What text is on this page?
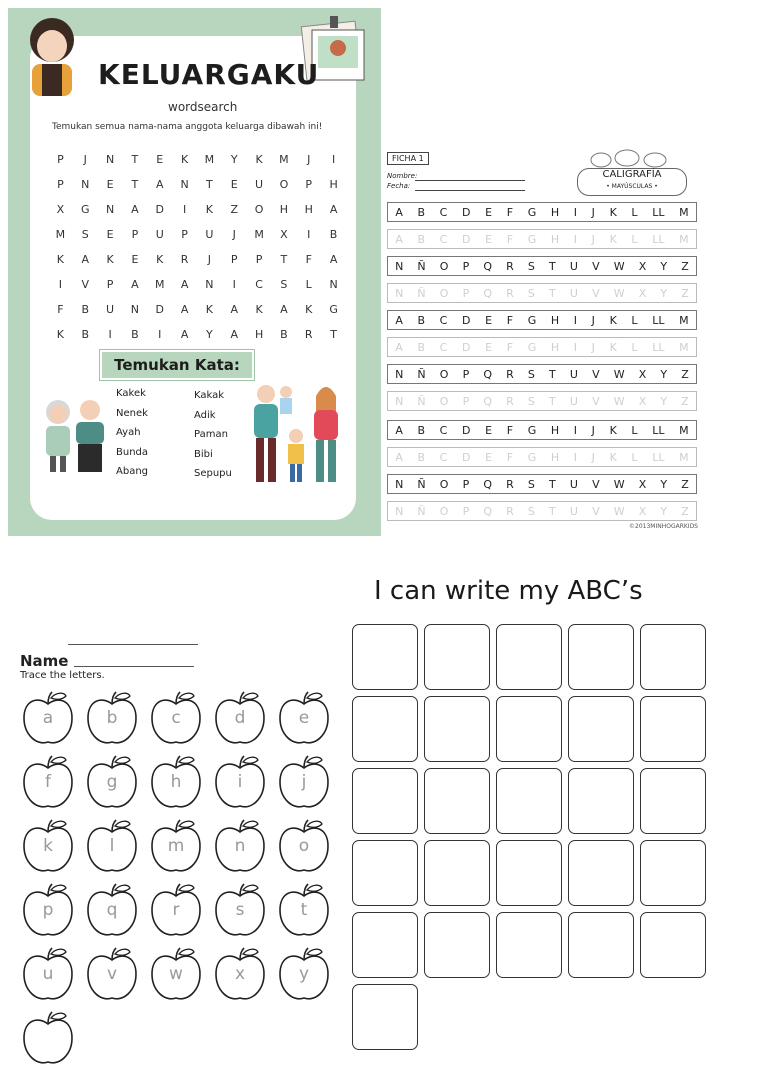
KELUARGAKU
wordsearch
Temukan semua nama-nama anggota keluarga dibawah ini!
P	J	N	T	E	K	M	Y	K	M	J	I
P	N	E	T	A	N	T	E	U	O	P	H
X	G	N	A	D	I	K	Z	O	H	H	A
M	S	E	P	U	P	U	J	M	X	I	B
K	A	K	E	K	R	J	P	P	T	F	A
I	V	P	A	M	A	N	I	C	S	L	N
F	B	U	N	D	A	K	A	K	A	K	G
K	B	I	B	I	A	Y	A	H	B	R	T
Temukan Kata:
Kakek
Nenek
Ayah
Bunda
Abang
Kakak
Adik
Paman
Bibi
Sepupu
FICHA 1
Nombre:
Fecha:
CALIGRAFÍA
• MAYÚSCULAS •
A B C D E F G H I J K L LL M
A B C D E F G H I J K L LL M
N Ñ O P Q R S T U V W X Y Z
N Ñ O P Q R S T U V W X Y Z
A B C D E F G H I J K L LL M
A B C D E F G H I J K L LL M
N Ñ O P Q R S T U V W X Y Z
N Ñ O P Q R S T U V W X Y Z
A B C D E F G H I J K L LL M
A B C D E F G H I J K L LL M
N Ñ O P Q R S T U V W X Y Z
N Ñ O P Q R S T U V W X Y Z
©2013MINHOGARKIDS
Name
Trace the letters.
a	b	c	d	e
f	g	h	i	j
k	l	m	n	o
p	q	r	s	t
u	v	w	x	y
I can write my ABC’s
